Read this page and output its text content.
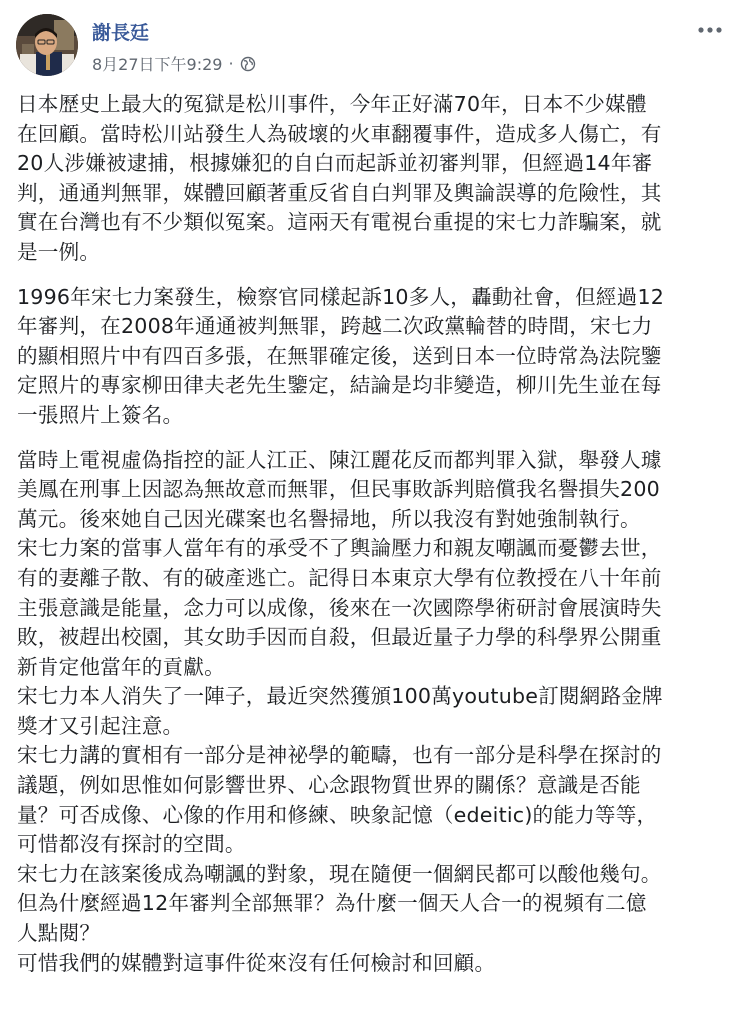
謝長廷
8月27日下午9:29 ·

日本歷史上最大的冤獄是松川事件，今年正好滿70年，日本不少媒體
在回顧。當時松川站發生人為破壞的火車翻覆事件，造成多人傷亡，有
20人涉嫌被逮捕，根據嫌犯的自白而起訴並初審判罪，但經過14年審
判，通通判無罪，媒體回顧著重反省自白判罪及輿論誤導的危險性，其
實在台灣也有不少類似冤案。這兩天有電視台重提的宋七力詐騙案，就
是一例。

1996年宋七力案發生，檢察官同樣起訴10多人，轟動社會，但經過12
年審判，在2008年通通被判無罪，跨越二次政黨輪替的時間，宋七力
的顯相照片中有四百多張，在無罪確定後，送到日本一位時常為法院鑒
定照片的專家柳田律夫老先生鑒定，結論是均非變造，柳川先生並在每
一張照片上簽名。

當時上電視虛偽指控的証人江正、陳江麗花反而都判罪入獄，舉發人璩
美鳳在刑事上因認為無故意而無罪，但民事敗訴判賠償我名譽損失200
萬元。後來她自己因光碟案也名譽掃地，所以我沒有對她強制執行。
宋七力案的當事人當年有的承受不了輿論壓力和親友嘲諷而憂鬱去世，
有的妻離子散、有的破產逃亡。記得日本東京大學有位教授在八十年前
主張意識是能量，念力可以成像，後來在一次國際學術研討會展演時失
敗，被趕出校園，其女助手因而自殺，但最近量子力學的科學界公開重
新肯定他當年的貢獻。
宋七力本人消失了一陣子，最近突然獲頒100萬youtube訂閱網路金牌
獎才又引起注意。
宋七力講的實相有一部分是神祕學的範疇，也有一部分是科學在探討的
議題，例如思惟如何影響世界、心念跟物質世界的關係？意識是否能
量？可否成像、心像的作用和修練、映象記憶（edeitic)的能力等等，
可惜都沒有探討的空間。
宋七力在該案後成為嘲諷的對象，現在隨便一個網民都可以酸他幾句。
但為什麼經過12年審判全部無罪？為什麼一個天人合一的視頻有二億
人點閱？
可惜我們的媒體對這事件從來沒有任何檢討和回顧。
